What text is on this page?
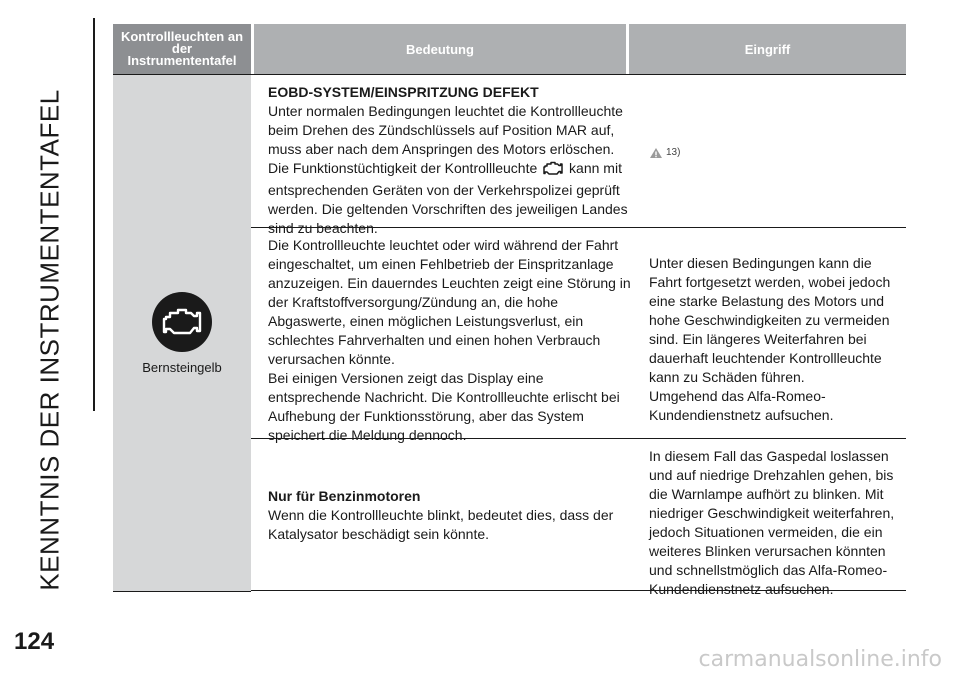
KENNTNIS DER INSTRUMENTENTAFEL
Kontrollleuchten an
der
Instrumententafel
Bedeutung	Eingriff
Bernsteingelb
EOBD-SYSTEM/EINSPRITZUNG DEFEKT
Unter normalen Bedingungen leuchtet die Kontrollleuchte beim Drehen des Zündschlüssels auf Position MAR auf, muss aber nach dem Anspringen des Motors erlöschen. Die Funktionstüchtigkeit der Kontrollleuchte kann mit entsprechenden Geräten von der Verkehrspolizei geprüft werden. Die geltenden Vorschriften des jeweiligen Landes sind zu beachten.
13)
Die Kontrollleuchte leuchtet oder wird während der Fahrt eingeschaltet, um einen Fehlbetrieb der Einspritzanlage anzuzeigen. Ein dauerndes Leuchten zeigt eine Störung in der Kraftstoffversorgung/Zündung an, die hohe Abgaswerte, einen möglichen Leistungsverlust, ein schlechtes Fahrverhalten und einen hohen Verbrauch verursachen könnte.
Bei einigen Versionen zeigt das Display eine entsprechende Nachricht. Die Kontrollleuchte erlischt bei Aufhebung der Funktionsstörung, aber das System speichert die Meldung dennoch.
Unter diesen Bedingungen kann die Fahrt fortgesetzt werden, wobei jedoch eine starke Belastung des Motors und hohe Geschwindigkeiten zu vermeiden sind. Ein längeres Weiterfahren bei dauerhaft leuchtender Kontrollleuchte kann zu Schäden führen.
Umgehend das Alfa-Romeo-Kundendienstnetz aufsuchen.
Nur für Benzinmotoren
Wenn die Kontrollleuchte blinkt, bedeutet dies, dass der Katalysator beschädigt sein könnte.
In diesem Fall das Gaspedal loslassen und auf niedrige Drehzahlen gehen, bis die Warnlampe aufhört zu blinken. Mit niedriger Geschwindigkeit weiterfahren, jedoch Situationen vermeiden, die ein weiteres Blinken verursachen könnten und schnellstmöglich das Alfa-Romeo-Kundendienstnetz aufsuchen.
124
carmanualsonline.info
